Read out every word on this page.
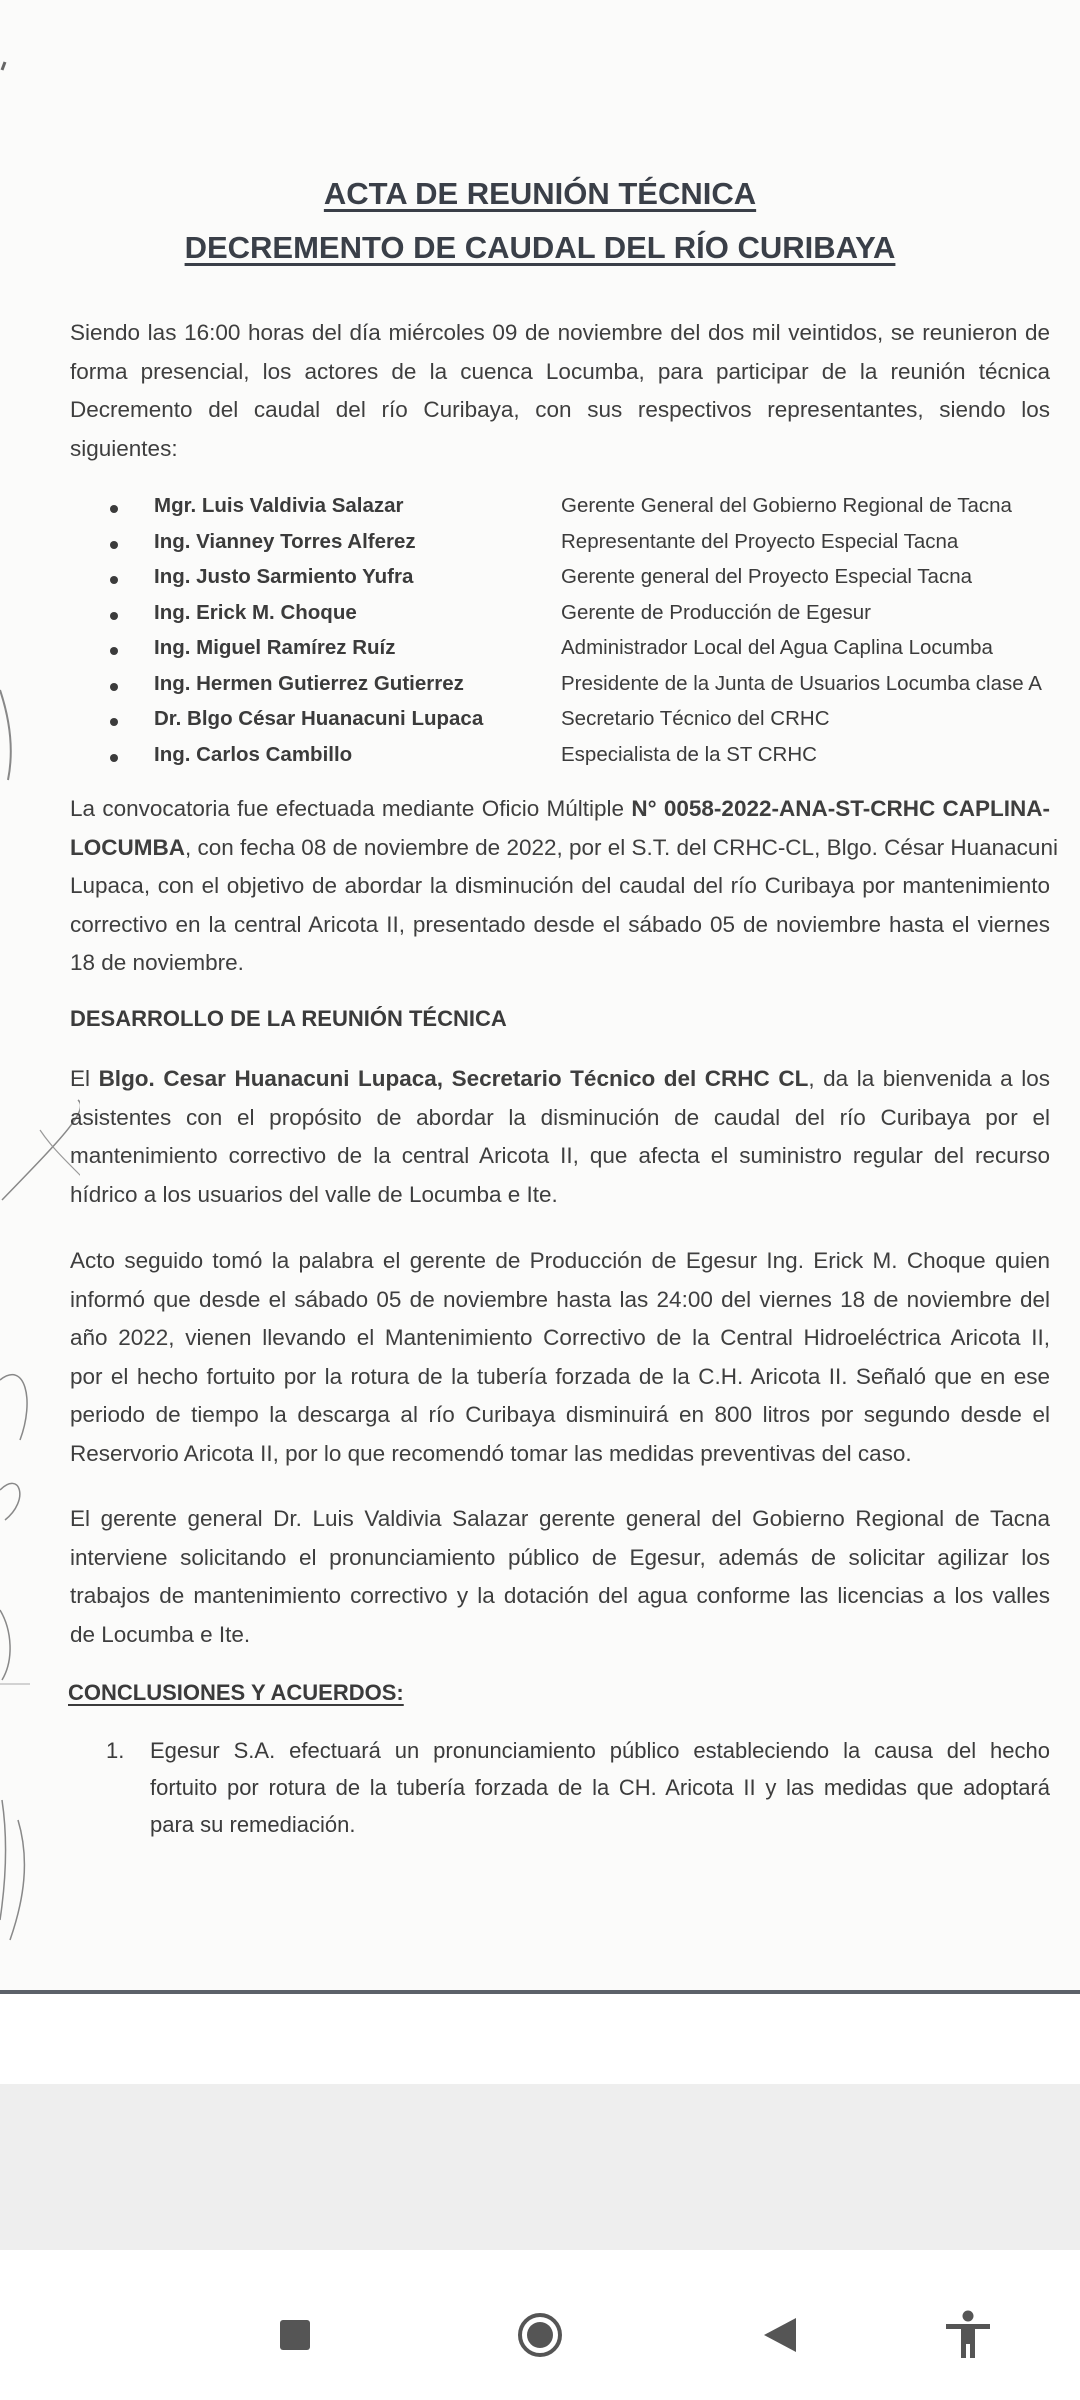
ACTA DE REUNIÓN TÉCNICA
DECREMENTO DE CAUDAL DEL RÍO CURIBAYA
Siendo las 16:00 horas del día miércoles 09 de noviembre del dos mil veintidos, se reunieron de
forma presencial, los actores de la cuenca Locumba, para participar de la reunión técnica
Decremento del caudal del río Curibaya, con sus respectivos representantes, siendo los
siguientes:
Mgr. Luis Valdivia Salazar	Gerente General del Gobierno Regional de Tacna
Ing. Vianney Torres Alferez	Representante del Proyecto Especial Tacna
Ing. Justo Sarmiento Yufra	Gerente general del Proyecto Especial Tacna
Ing. Erick M. Choque	Gerente de Producción de Egesur
Ing. Miguel Ramírez Ruíz	Administrador Local del Agua Caplina Locumba
Ing. Hermen Gutierrez Gutierrez	Presidente de la Junta de Usuarios Locumba clase A
Dr. Blgo César Huanacuni Lupaca	Secretario Técnico del CRHC
Ing. Carlos Cambillo	Especialista de la ST CRHC
La convocatoria fue efectuada mediante Oficio Múltiple N° 0058-2022-ANA-ST-CRHC CAPLINA-
LOCUMBA, con fecha 08 de noviembre de 2022, por el S.T. del CRHC-CL, Blgo. César Huanacuni
Lupaca, con el objetivo de abordar la disminución del caudal del río Curibaya por mantenimiento
correctivo en la central Aricota II, presentado desde el sábado 05 de noviembre hasta el viernes
18 de noviembre.
DESARROLLO DE LA REUNIÓN TÉCNICA
El Blgo. Cesar Huanacuni Lupaca, Secretario Técnico del CRHC CL, da la bienvenida a los
asistentes con el propósito de abordar la disminución de caudal del río Curibaya por el
mantenimiento correctivo de la central Aricota II, que afecta el suministro regular del recurso
hídrico a los usuarios del valle de Locumba e Ite.
Acto seguido tomó la palabra el gerente de Producción de Egesur Ing. Erick M. Choque quien
informó que desde el sábado 05 de noviembre hasta las 24:00 del viernes 18 de noviembre del
año 2022, vienen llevando el Mantenimiento Correctivo de la Central Hidroeléctrica Aricota II,
por el hecho fortuito por la rotura de la tubería forzada de la C.H. Aricota II. Señaló que en ese
periodo de tiempo la descarga al río Curibaya disminuirá en 800 litros por segundo desde el
Reservorio Aricota II, por lo que recomendó tomar las medidas preventivas del caso.
El gerente general Dr. Luis Valdivia Salazar gerente general del Gobierno Regional de Tacna
interviene solicitando el pronunciamiento público de Egesur, además de solicitar agilizar los
trabajos de mantenimiento correctivo y la dotación del agua conforme las licencias a los valles
de Locumba e Ite.
CONCLUSIONES Y ACUERDOS:
1. Egesur S.A. efectuará un pronunciamiento público estableciendo la causa del hecho
fortuito por rotura de la tubería forzada de la CH. Aricota II y las medidas que adoptará
para su remediación.
